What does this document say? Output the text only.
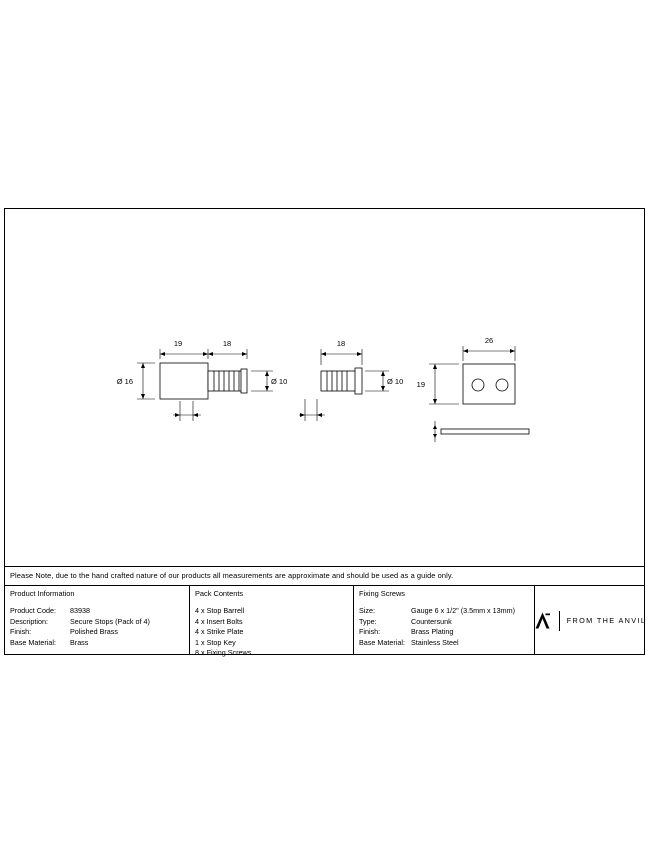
19	18
Ø 16	Ø 10
18
Ø 10
26
19
Please Note, due to the hand crafted nature of our products all measurements are approximate and should be used as a guide only.
Product Information
Product Code:	83938
Description:	Secure Stops (Pack of 4)
Finish:	Polished Brass
Base Material:	Brass
Pack Contents
4 x Stop Barrell
4 x Insert Bolts
4 x Strike Plate
1 x Stop Key
8 x Fixing Screws
Fixing Screws
Size:	Gauge 6 x 1/2" (3.5mm x 13mm)
Type:	Countersunk
Finish:	Brass Plating
Base Material: Stainless Steel
FROM THE ANVIL
